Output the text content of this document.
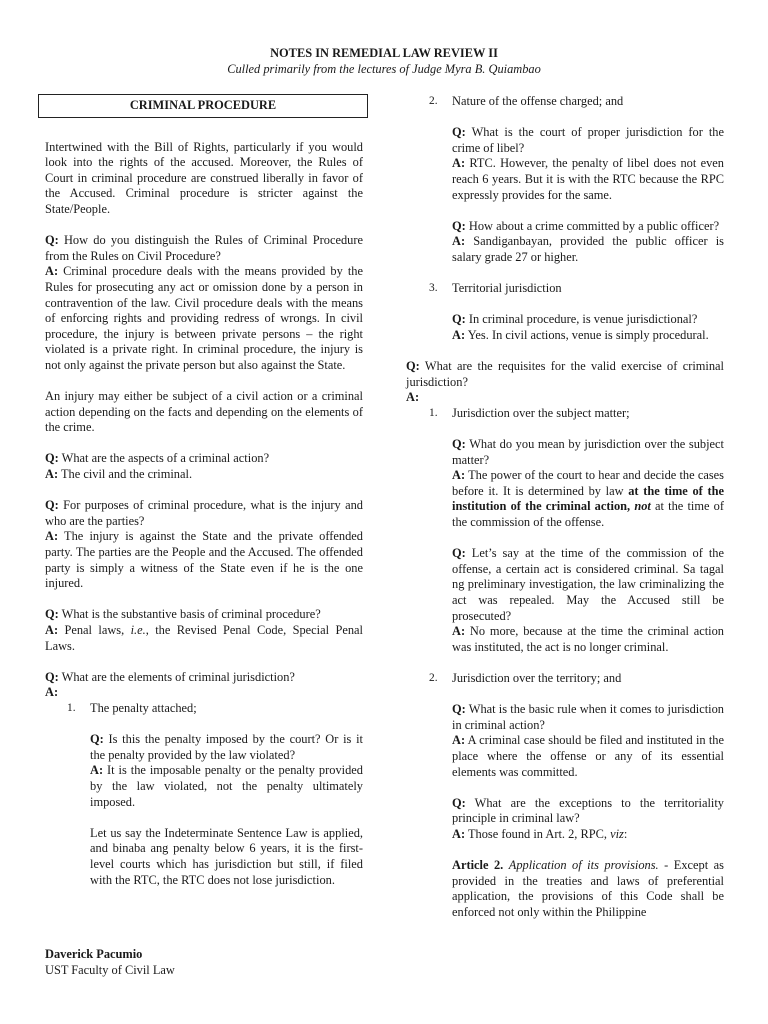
NOTES IN REMEDIAL LAW REVIEW II
Culled primarily from the lectures of Judge Myra B. Quiambao
CRIMINAL PROCEDURE

Intertwined with the Bill of Rights, particularly if you would look into the rights of the accused. Moreover, the Rules of Court in criminal procedure are construed liberally in favor of the Accused. Criminal procedure is stricter against the State/People.

Q: How do you distinguish the Rules of Criminal Procedure from the Rules on Civil Procedure?
A: Criminal procedure deals with the means provided by the Rules for prosecuting any act or omission done by a person in contravention of the law. Civil procedure deals with the means of enforcing rights and providing redress of wrongs. In civil procedure, the injury is between private persons – the right violated is a private right. In criminal procedure, the injury is not only against the private person but also against the State.

An injury may either be subject of a civil action or a criminal action depending on the facts and depending on the elements of the crime.

Q: What are the aspects of a criminal action?
A: The civil and the criminal.

Q: For purposes of criminal procedure, what is the injury and who are the parties?
A: The injury is against the State and the private offended party. The parties are the People and the Accused. The offended party is simply a witness of the State even if he is the one injured.

Q: What is the substantive basis of criminal procedure?
A: Penal laws, i.e., the Revised Penal Code, Special Penal Laws.

Q: What are the elements of criminal jurisdiction?
A:

1. The penalty attached;

Q: Is this the penalty imposed by the court? Or is it the penalty provided by the law violated?
A: It is the imposable penalty or the penalty provided by the law violated, not the penalty ultimately imposed.

Let us say the Indeterminate Sentence Law is applied, and binaba ang penalty below 6 years, it is the first-level courts which has jurisdiction but still, if filed with the RTC, the RTC does not lose jurisdiction.

Daverick Pacumio
UST Faculty of Civil Law
2. Nature of the offense charged; and

Q: What is the court of proper jurisdiction for the crime of libel?
A: RTC. However, the penalty of libel does not even reach 6 years. But it is with the RTC because the RPC expressly provides for the same.

Q: How about a crime committed by a public officer?
A: Sandiganbayan, provided the public officer is salary grade 27 or higher.

3. Territorial jurisdiction

Q: In criminal procedure, is venue jurisdictional?
A: Yes. In civil actions, venue is simply procedural.

Q: What are the requisites for the valid exercise of criminal jurisdiction?
A:

1. Jurisdiction over the subject matter;

Q: What do you mean by jurisdiction over the subject matter?
A: The power of the court to hear and decide the cases before it. It is determined by law at the time of the institution of the criminal action, not at the time of the commission of the offense.

Q: Let’s say at the time of the commission of the offense, a certain act is considered criminal. Sa tagal ng preliminary investigation, the law criminalizing the act was repealed. May the Accused still be prosecuted?
A: No more, because at the time the criminal action was instituted, the act is no longer criminal.

2. Jurisdiction over the territory; and

Q: What is the basic rule when it comes to jurisdiction in criminal action?
A: A criminal case should be filed and instituted in the place where the offense or any of its essential elements was committed.

Q: What are the exceptions to the territoriality principle in criminal law?
A: Those found in Art. 2, RPC, viz:

Article 2. Application of its provisions. - Except as provided in the treaties and laws of preferential application, the provisions of this Code shall be enforced not only within the Philippine
